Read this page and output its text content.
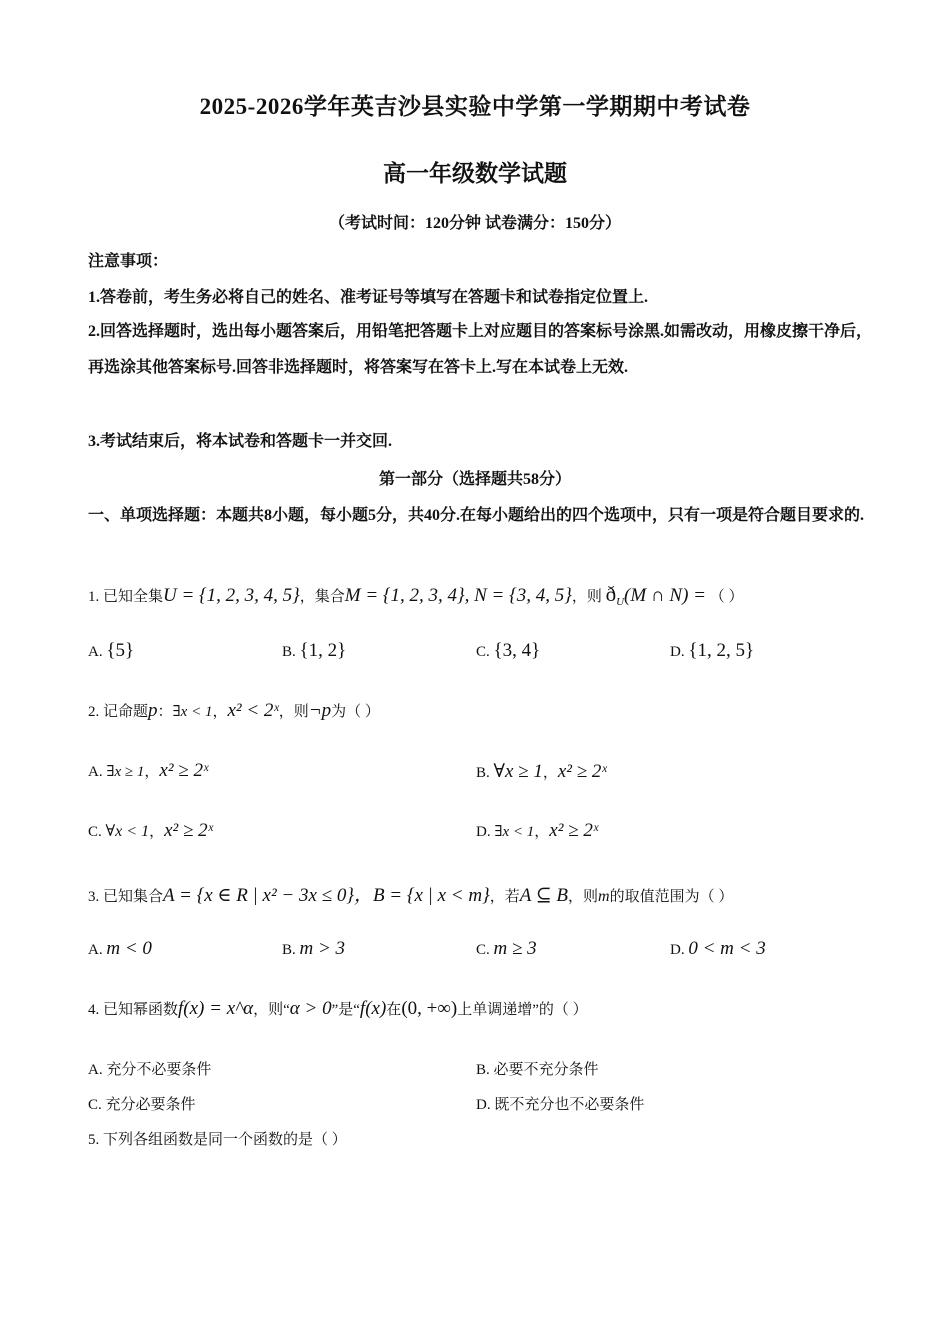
2025-2026学年英吉沙县实验中学第一学期期中考试卷
高一年级数学试题
（考试时间：120分钟 试卷满分：150分）
注意事项：
1.答卷前，考生务必将自己的姓名、准考证号等填写在答题卡和试卷指定位置上.
2.回答选择题时，选出每小题答案后，用铅笔把答题卡上对应题目的答案标号涂黑.如需改动，用橡皮擦干净后，再选涂其他答案标号.回答非选择题时，将答案写在答卡上.写在本试卷上无效.
3.考试结束后，将本试卷和答题卡一并交回.
第一部分（选择题共58分）
一、单项选择题：本题共8小题，每小题5分，共40分.在每小题给出的四个选项中，只有一项是符合题目要求的.
1. 已知全集U = {1, 2, 3, 4, 5}，集合M = {1, 2, 3, 4}, N = {3, 4, 5}，则 $ð_U(M$ ∩ N) = （ ）
A. {5}	B. {1, 2}	C. {3, 4}	D. {1, 2, 5}
2. 记命题p：∃x < 1，x² < 2ˣ，则¬p为（ ）
A. ∃x ≥ 1，x² ≥ 2ˣ	B. ∀x ≥ 1，x² ≥ 2ˣ
C. ∀x < 1，x² ≥ 2ˣ	D. ∃x < 1，x² ≥ 2ˣ
3. 已知集合A = {x ∈ R | x² − 3x ≤ 0}，B = {x | x < m}，若A ⊆ B，则m的取值范围为（ ）
A. m < 0	B. m > 3	C. m ≥ 3	D. 0 < m < 3
4. 已知幂函数f(x) = x^α，则“α > 0”是“f(x)在(0, +∞)上单调递增”的（ ）
A. 充分不必要条件	B. 必要不充分条件
C. 充分必要条件	D. 既不充分也不必要条件
5. 下列各组函数是同一个函数的是（ ）
